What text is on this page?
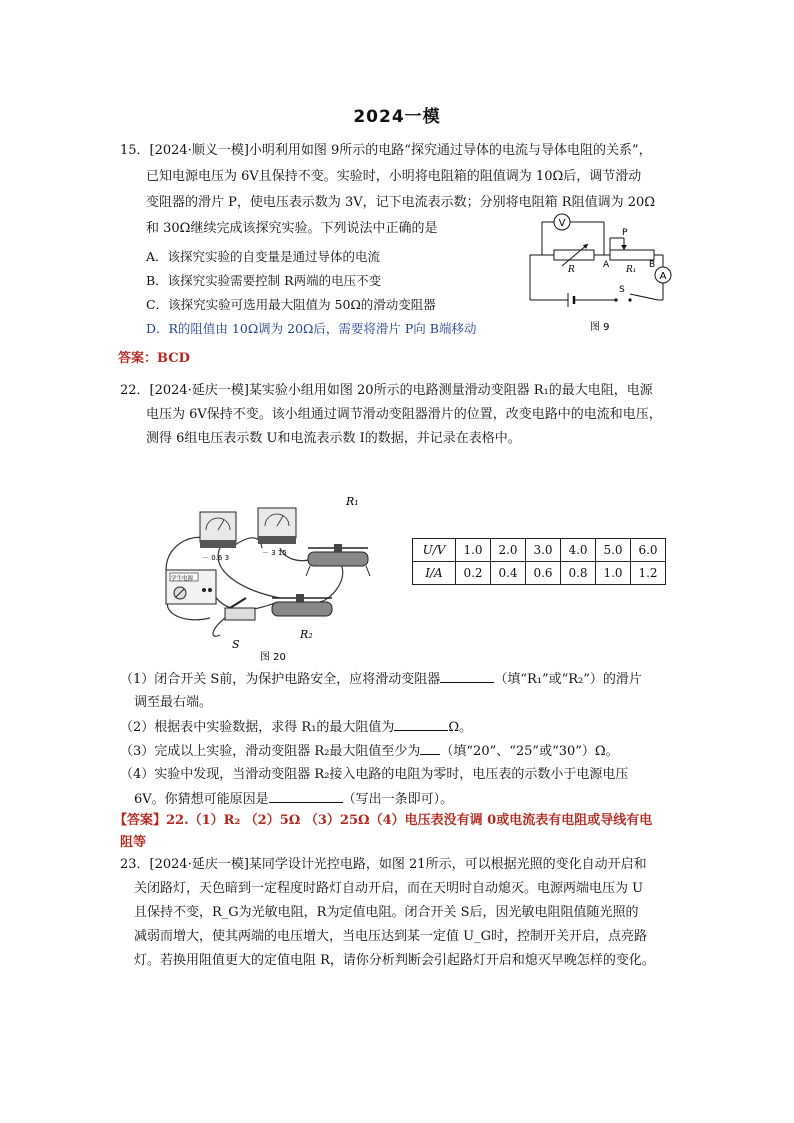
2024一模
15．[2024·顺义一模]小明利用如图 9所示的电路“探究通过导体的电流与导体电阻的关系”，
已知电源电压为 6V且保持不变。实验时，小明将电阻箱的阻值调为 10Ω后，调节滑动
变阻器的滑片 P，使电压表示数为 3V，记下电流表示数；分别将电阻箱 R阻值调为 20Ω
和 30Ω继续完成该探究实验。下列说法中正确的是
A．该探究实验的自变量是通过导体的电流
B．该探究实验需要控制 R两端的电压不变
C．该探究实验可选用最大阻值为 50Ω的滑动变阻器
D．R的阻值由 10Ω调为 20Ω后，需要将滑片 P向 B端移动
答案：BCD
V
A
R
P
R₁
A	B
S
图 9
22．[2024·延庆一模]某实验小组用如图 20所示的电路测量滑动变阻器 R₁的最大电阻，电源
电压为 6V保持不变。该小组通过调节滑动变阻器滑片的位置，改变电路中的电流和电压，
测得 6组电压表示数 U和电流表示数 I的数据，并记录在表格中。
－ 0.6 3
－ 3 15
学生电源
R₁
R₂
S
图 20
U/V	1.0	2.0	3.0	4.0	5.0	6.0
I/A	0.2	0.4	0.6	0.8	1.0	1.2
（1）闭合开关 S前，为保护电路安全，应将滑动变阻器	（填“R₁”或“R₂”）的滑片
调至最右端。
（2）根据表中实验数据，求得 R₁的最大阻值为	Ω。
（3）完成以上实验，滑动变阻器 R₂最大阻值至少为 （填“20”、“25”或“30”）Ω。
（4）实验中发现，当滑动变阻器 R₂接入电路的电阻为零时，电压表的示数小于电源电压
6V。你猜想可能原因是	（写出一条即可）。
【答案】22.（1）R₂ （2）5Ω （3）25Ω（4）电压表没有调 0或电流表有电阻或导线有电
阻等
23．[2024·延庆一模]某同学设计光控电路，如图 21所示，可以根据光照的变化自动开启和
关闭路灯，天色暗到一定程度时路灯自动开启，而在天明时自动熄灭。电源两端电压为 U
且保持不变，R_G为光敏电阻，R为定值电阻。闭合开关 S后，因光敏电阻阻值随光照的
减弱而增大，使其两端的电压增大，当电压达到某一定值 U_G时，控制开关开启，点亮路
灯。若换用阻值更大的定值电阻 R，请你分析判断会引起路灯开启和熄灭早晚怎样的变化。
